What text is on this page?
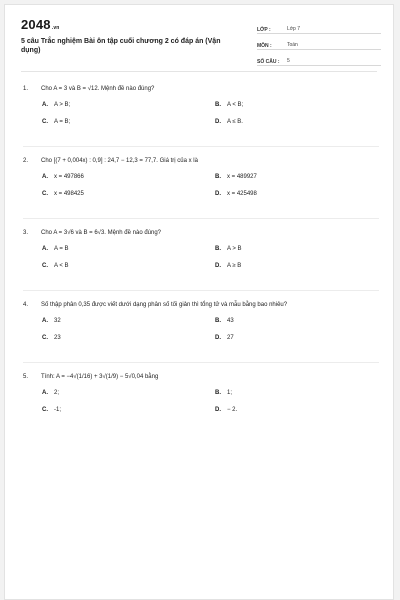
2048.vn
5 câu Trắc nghiệm Bài ôn tập cuối chương 2 có đáp án (Vận dụng)
LỚP :	Lớp 7
MÔN :	Toán
SỐ CÂU :	5
1.	Cho A = 3 và B = √12. Mệnh đề nào đúng?
A.	A > B;	B.	A < B;
C.	A = B;	D.	A ≤ B.
2.	Cho [(7 + 0,004x) : 0,9] : 24,7 − 12,3 = 77,7. Giá trị của x là
A.	x = 497866	B.	x = 489927
C.	x = 498425	D.	x = 425498
3.	Cho A = 3√6 và B = 6√3. Mệnh đề nào đúng?
A.	A = B	B.	A > B
C.	A < B	D.	A ≥ B
4.	Số thập phân 0,35 được viết dưới dạng phân số tối giản thì tổng tử và mẫu bằng bao nhiêu?
A.	32	B.	43
C.	23	D.	27
5.	Tính: A = −4√(1/16) + 3√(1/9) − 5√0,04 bằng
A.	2;	B.	1;
C.	-1;	D.	− 2.
